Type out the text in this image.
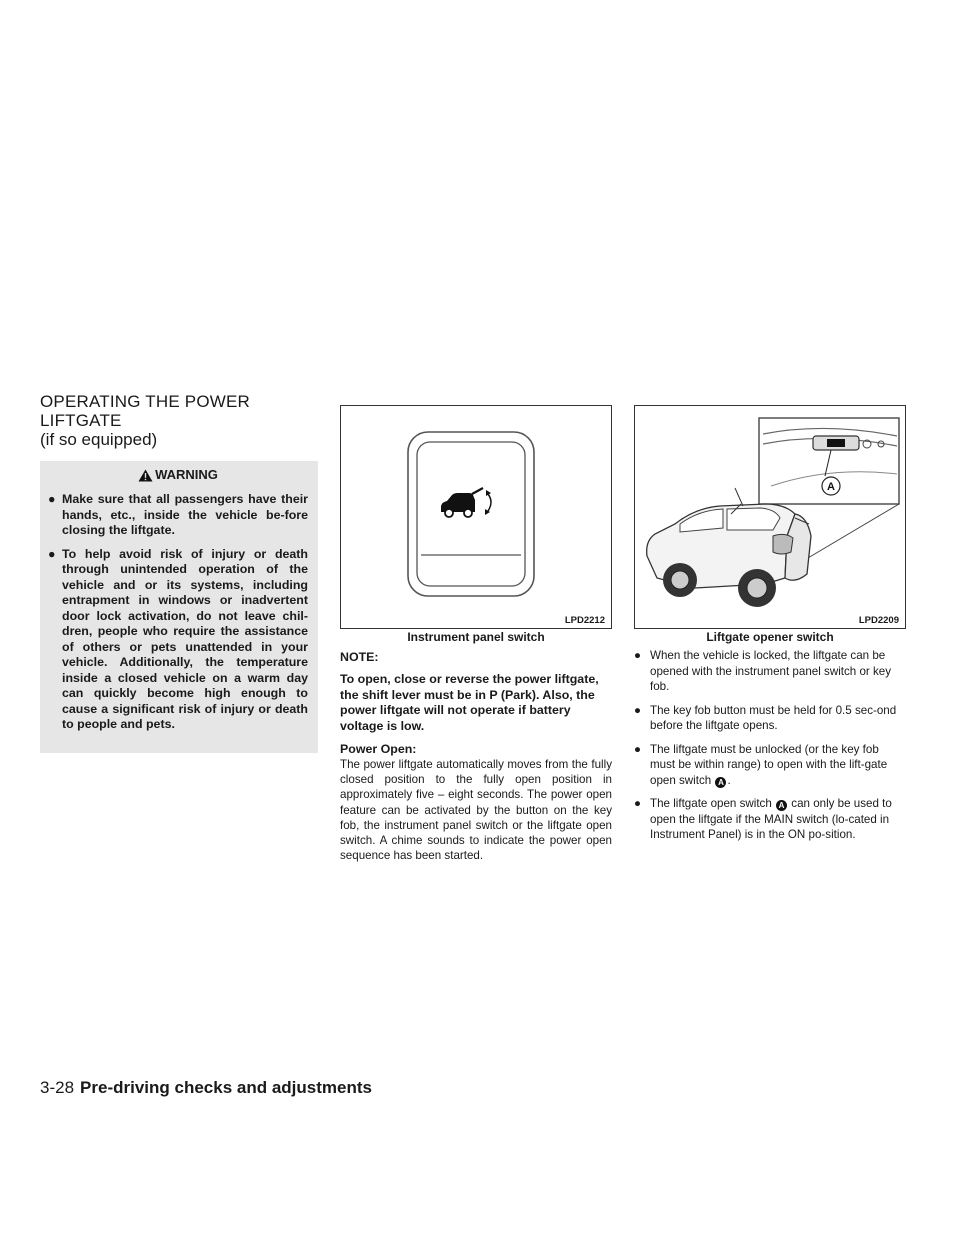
OPERATING THE POWER LIFTGATE
(if so equipped)
WARNING
● Make sure that all passengers have their hands, etc., inside the vehicle be-fore closing the liftgate.
● To help avoid risk of injury or death through unintended operation of the vehicle and or its systems, including entrapment in windows or inadvertent door lock activation, do not leave chil-dren, people who require the assistance of others or pets unattended in your vehicle. Additionally, the temperature inside a closed vehicle on a warm day can quickly become high enough to cause a significant risk of injury or death to people and pets.
LPD2212
Instrument panel switch
NOTE:

To open, close or reverse the power liftgate, the shift lever must be in P (Park). Also, the power liftgate will not operate if battery voltage is low.

Power Open:

The power liftgate automatically moves from the fully closed position to the fully open position in approximately five – eight seconds. The power open feature can be activated by the button on the key fob, the instrument panel switch or the liftgate open switch. A chime sounds to indicate the power open sequence has been started.

A
LPD2209
Liftgate opener switch
● When the vehicle is locked, the liftgate can be opened with the instrument panel switch or key fob.
● The key fob button must be held for 0.5 sec-ond before the liftgate opens.
● The liftgate must be unlocked (or the key fob must be within range) to open with the lift-gate open switch A .
● The liftgate open switch A can only be used to open the liftgate if the MAIN switch (lo-cated in Instrument Panel) is in the ON po-sition.
3-28 Pre-driving checks and adjustments
